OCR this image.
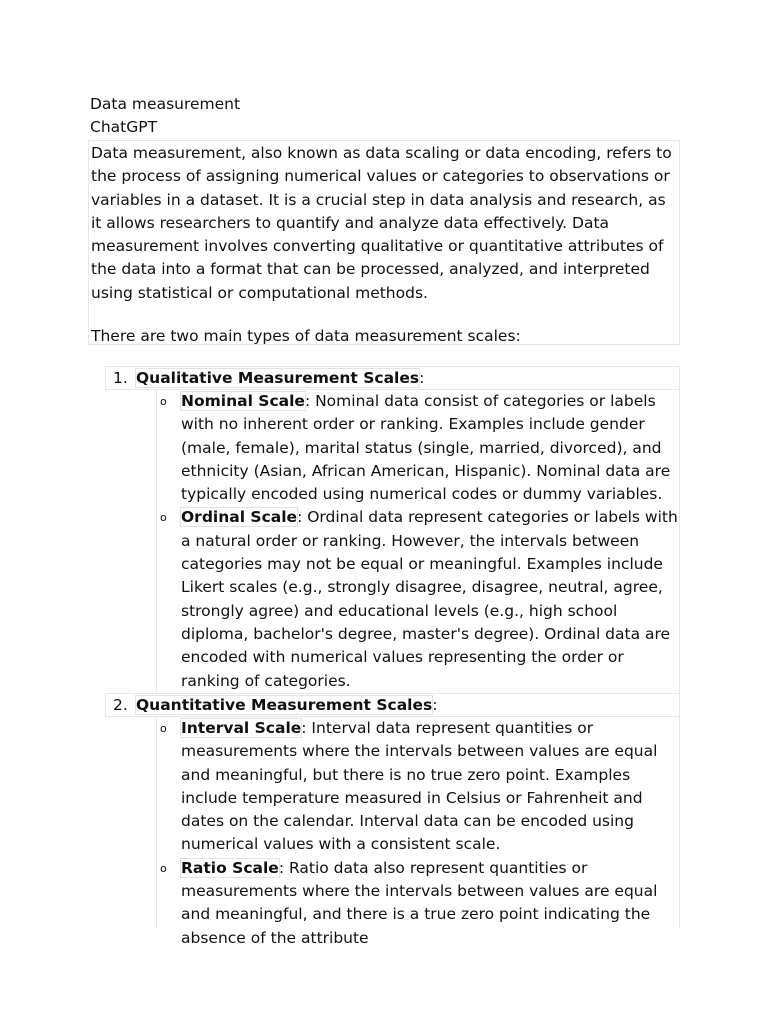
Data measurement
ChatGPT
Data measurement, also known as data scaling or data encoding, refers to the process of assigning numerical values or categories to observations or variables in a dataset. It is a crucial step in data analysis and research, as it allows researchers to quantify and analyze data effectively. Data measurement involves converting qualitative or quantitative attributes of the data into a format that can be processed, analyzed, and interpreted using statistical or computational methods.
There are two main types of data measurement scales:
1. Qualitative Measurement Scales:
o Nominal Scale: Nominal data consist of categories or labels with no inherent order or ranking. Examples include gender (male, female), marital status (single, married, divorced), and ethnicity (Asian, African American, Hispanic). Nominal data are typically encoded using numerical codes or dummy variables.
o Ordinal Scale: Ordinal data represent categories or labels with a natural order or ranking. However, the intervals between categories may not be equal or meaningful. Examples include Likert scales (e.g., strongly disagree, disagree, neutral, agree, strongly agree) and educational levels (e.g., high school diploma, bachelor's degree, master's degree). Ordinal data are encoded with numerical values representing the order or ranking of categories.
2. Quantitative Measurement Scales:
o Interval Scale: Interval data represent quantities or measurements where the intervals between values are equal and meaningful, but there is no true zero point. Examples include temperature measured in Celsius or Fahrenheit and dates on the calendar. Interval data can be encoded using numerical values with a consistent scale.
o Ratio Scale: Ratio data also represent quantities or measurements where the intervals between values are equal and meaningful, and there is a true zero point indicating the absence of the attribute
